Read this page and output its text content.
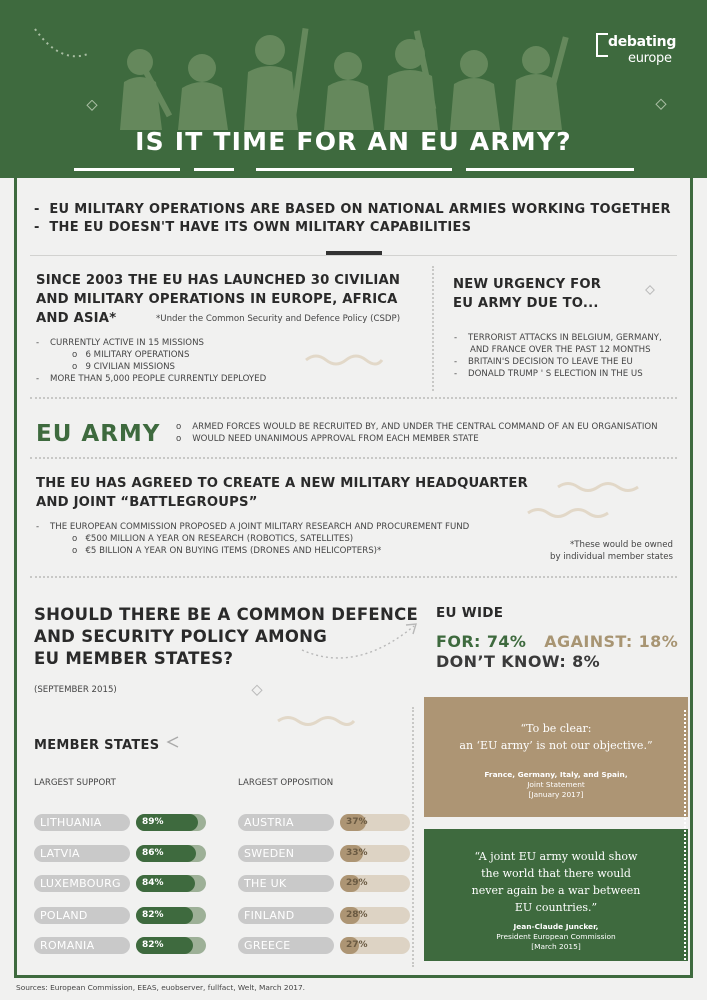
debating
europe
IS IT TIME FOR AN EU ARMY?
-  EU MILITARY OPERATIONS ARE BASED ON NATIONAL ARMIES WORKING TOGETHER
-  THE EU DOESN'T HAVE ITS OWN MILITARY CAPABILITIES
SINCE 2003 THE EU HAS LAUNCHED 30 CIVILIAN
AND MILITARY OPERATIONS IN EUROPE, AFRICA
AND ASIA*	*Under the Common Security and Defence Policy (CSDP)
-    CURRENTLY ACTIVE IN 15 MISSIONS
o   6 MILITARY OPERATIONS
o   9 CIVILIAN MISSIONS
-    MORE THAN 5,000 PEOPLE CURRENTLY DEPLOYED
NEW URGENCY FOR
EU ARMY DUE TO...
-    TERRORIST ATTACKS IN BELGIUM, GERMANY,
AND FRANCE OVER THE PAST 12 MONTHS
-    BRITAIN'S DECISION TO LEAVE THE EU
-    DONALD TRUMP ' S ELECTION IN THE US
EU ARMY o    ARMED FORCES WOULD BE RECRUITED BY, AND UNDER THE CENTRAL COMMAND OF AN EU ORGANISATION
o    WOULD NEED UNANIMOUS APPROVAL FROM EACH MEMBER STATE
THE EU HAS AGREED TO CREATE A NEW MILITARY HEADQUARTER
AND JOINT “BATTLEGROUPS”
-    THE EUROPEAN COMMISSION PROPOSED A JOINT MILITARY RESEARCH AND PROCUREMENT FUND
o   €500 MILLION A YEAR ON RESEARCH (ROBOTICS, SATELLITES)
o   €5 BILLION A YEAR ON BUYING ITEMS (DRONES AND HELICOPTERS)*
*These would be owned
by individual member states
SHOULD THERE BE A COMMON DEFENCE
AND SECURITY POLICY AMONG
EU MEMBER STATES?
(SEPTEMBER 2015)
EU WIDE
FOR: 74% AGAINST: 18%
DON’T KNOW: 8%
MEMBER STATES
LARGEST SUPPORT	LARGEST OPPOSITION
LITHUANIA	89%
LATVIA	86%
LUXEMBOURG	84%
POLAND	82%
ROMANIA	82%
AUSTRIA	37%
SWEDEN	33%
THE UK	29%
FINLAND	28%
GREECE	27%
“To be clear:
an ‘EU army’ is not our objective.”
France, Germany, Italy, and Spain,
Joint Statement
[January 2017]
“A joint EU army would show
the world that there would
never again be a war between
EU countries.”
Jean-Claude Juncker,
President European Commission
[March 2015]
Sources: European Commission, EEAS, euobserver, fullfact, Welt, March 2017.
